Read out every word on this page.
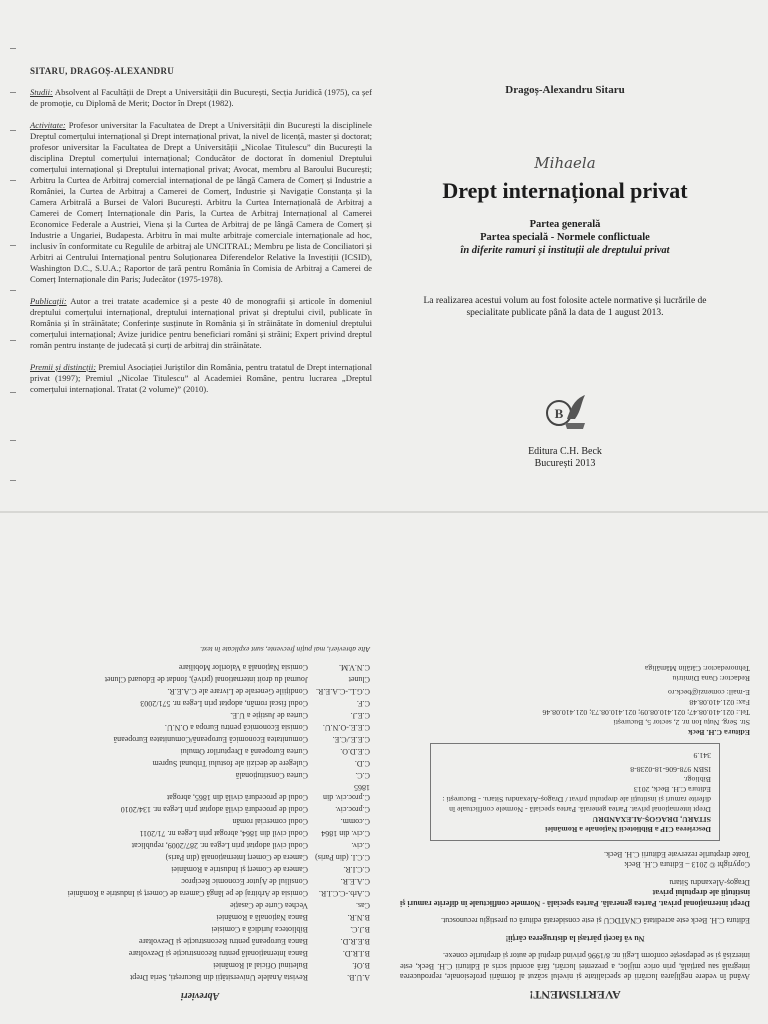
SITARU, DRAGOȘ-ALEXANDRU

Studii: Absolvent al Facultății de Drept a Universității din București, Secția Juridică (1975), ca șef de promoție, cu Diplomă de Merit; Doctor în Drept (1982).

Activitate: Profesor universitar la Facultatea de Drept a Universității din București la disciplinele Dreptul comerțului internațional și Drept internațional privat, la nivel de licență, master și doctorat; profesor universitar la Facultatea de Drept a Universității „Nicolae Titulescu” din București la disciplina Dreptul comerțului internațional; Conducător de doctorat în domeniul Dreptului comerțului internațional și Dreptului internațional privat; Avocat, membru al Baroului București; Arbitru la Curtea de Arbitraj comercial internațional de pe lângă Camera de Comerț și Industrie a României, la Curtea de Arbitraj a Camerei de Comerț, Industrie și Navigație Constanța și la Camera Arbitrală a Bursei de Valori București. Arbitru la Curtea Internațională de Arbitraj a Camerei de Comerț Internaționale din Paris, la Curtea de Arbitraj Internațional al Camerei Economice Federale a Austriei, Viena și la Curtea de Arbitraj de pe lângă Camera de Comerț și Industrie a Ungariei, Budapesta. Arbitru în mai multe arbitraje comerciale internaționale ad hoc, inclusiv în conformitate cu Regulile de arbitraj ale UNCITRAL; Membru pe lista de Conciliatori și Arbitri ai Centrului Internațional pentru Soluționarea Diferendelor Relative la Investiții (ICSID), Washington D.C., S.U.A.; Raportor de țară pentru România în Comisia de Arbitraj a Camerei de Comerț Internaționale din Paris; Judecător (1975-1978).

Publicații: Autor a trei tratate academice și a peste 40 de monografii și articole în domeniul dreptului comerțului internațional, dreptului internațional privat și dreptului civil, publicate în România și în străinătate; Conferințe susținute în România și în străinătate în domeniul dreptului comerțului internațional; Avize juridice pentru beneficiari români și străini; Expert privind dreptul român pentru instanțe de judecată și curți de arbitraj din străinătate.

Premii și distincții: Premiul Asociației Juriștilor din România, pentru tratatul de Drept internațional privat (1997); Premiul „Nicolae Titulescu” al Academiei Române, pentru lucrarea „Dreptul comerțului internațional. Tratat (2 volume)” (2010).

Dragoș-Alexandru Sitaru
Mihaela
Drept internațional privat
Partea generală
Partea specială - Normele conflictuale
în diferite ramuri și instituții ale dreptului privat
La realizarea acestui volum au fost folosite actele normative și lucrările de specialitate publicate până la data de 1 august 2013.
B
Editura C.H. Beck
București 2013
AVERTISMENT!

Având în vedere neglijarea lucrării de specialitate și nivelul scăzut al formării profesionale, reproducerea integrală sau parțială, prin orice mijloc, a prezentei lucrări, fără acordul scris al Editurii C.H. Beck, este interzisă și se pedepsește conform Legii nr. 8/1996 privind dreptul de autor și drepturile conexe.

Nu vă faceți părtași la distrugerea cărții!

Editura C.H. Beck este acreditată CNATDCU și este considerată editură cu prestigiu recunoscut.

Drept internațional privat. Partea generală. Partea specială - Normele conflictuale în diferite ramuri și instituții ale dreptului privat
Dragoș-Alexandru Sitaru

Copyright © 2013 – Editura C.H. Beck
Toate drepturile rezervate Editurii C.H. Beck.

Descrierea CIP a Bibliotecii Naționale a României
SITARU, DRAGOȘ-ALEXANDRU
Drept internațional privat. Partea generală. Partea specială - Normele conflictuale în diferite ramuri și instituții ale dreptului privat / Dragoș-Alexandru Sitaru. - București : Editura C.H. Beck, 2013
Bibliogr.
ISBN 978-606-18-0238-8
341.9
Editura C.H. Beck
Str. Serg. Nuțu Ion nr. 2, sector 5, București
Tel.: 021.410.08.47; 021.410.08.09; 021.410.08.73; 021.410.08.46
Fax: 021.410.08.48
E-mail: comenzi@beck.ro
Redactor: Oana Dimitriu
Tehnoredactor: Cătălin Mămăliga
Abrevieri
A.U.B.
Revista Analele Universității din București, Seria Drept
B.Of.
Buletinul Oficial al României
B.I.R.D.
Banca Internațională pentru Reconstrucție și Dezvoltare
B.E.R.D.
Banca Europeană pentru Reconstrucție și Dezvoltare
B.J.C.
Biblioteca Juridică a Comisiei
B.N.R.
Banca Națională a României
Cas.
Vechea Curte de Casație
C.Arb.-C.C.I.R.
Comisia de Arbitraj de pe lângă Camera de Comerț și Industrie a României
C.A.E.R.
Consiliul de Ajutor Economic Reciproc
C.C.I.R.
Camera de Comerț și Industrie a României
C.C.I. (din Paris)
Camera de Comerț Internațională (din Paris)
C.civ.
Codul civil adoptat prin Legea nr. 287/2009, republicat
C.civ. din 1864
Codul civil din 1864, abrogat prin Legea nr. 71/2011
C.comm.
Codul comercial român
C.proc.civ.
Codul de procedură civilă adoptat prin Legea nr. 134/2010
C.proc.civ. din 1865
Codul de procedură civilă din 1865, abrogat
C.C.
Curtea Constituțională
C.D.
Culegere de decizii ale fostului Tribunal Suprem
C.E.D.O.
Curtea Europeană a Drepturilor Omului
C.E.E./C.E.
Comunitatea Economică Europeană/Comunitatea Europeană
C.E.E.-O.N.U.
Comisia Economică pentru Europa a O.N.U.
C.E.J.
Curtea de Justiție a U.E.
C.F.
Codul fiscal român, adoptat prin Legea nr. 571/2003
C.G.L.-C.A.E.R.
Condițiile Generale de Livrare ale C.A.E.R.
Clunet
Journal du droit international (privé), fondat de Edouard Clunet
C.N.V.M.
Comisia Națională a Valorilor Mobiliare
Alte abrevieri, mai puțin frecvente, sunt explicate în text.
